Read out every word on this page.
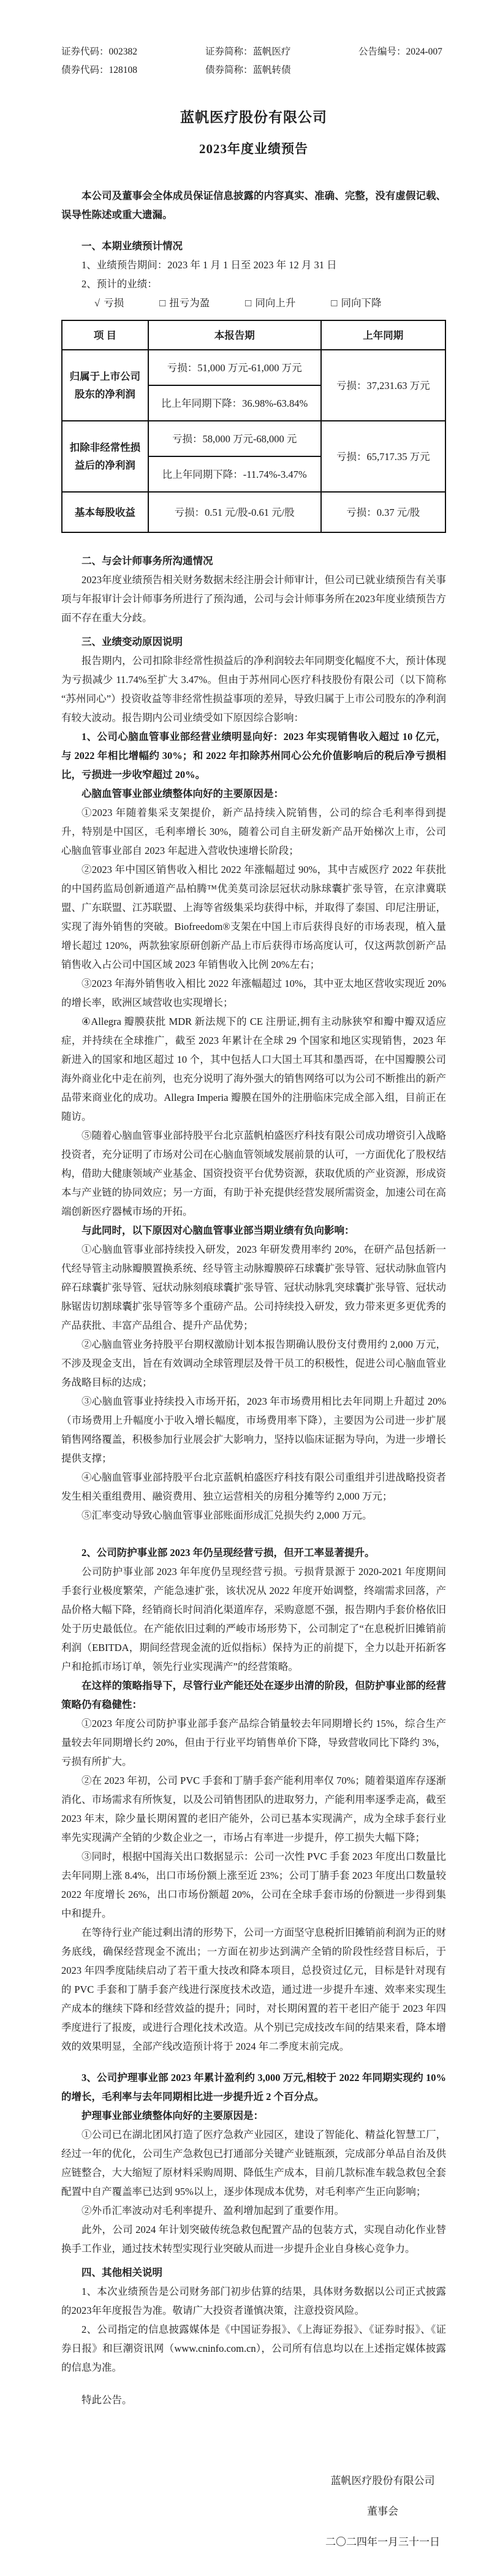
证券代码：002382	证券简称：蓝帆医疗	公告编号：2024-007
债券代码：128108	债券简称：蓝帆转债
蓝帆医疗股份有限公司
2023年度业绩预告

本公司及董事会全体成员保证信息披露的内容真实、准确、完整，没有虚假记载、误导性陈述或重大遗漏。

一、本期业绩预计情况

1、业绩预告期间：2023 年 1 月 1 日至 2023 年 12 月 31 日

2、预计的业绩：

√ 亏损	□ 扭亏为盈	□ 同向上升	□ 同向下降
项 目	本报告期	上年同期
归属于上市公司股东的净利润	亏损：51,000 万元-61,000 万元	亏损：37,231.63 万元
	比上年同期下降：36.98%-63.84%	
扣除非经常性损益后的净利润	亏损：58,000 万元-68,000 元	亏损：65,717.35 万元
	比上年同期下降：-11.74%-3.47%	
基本每股收益	亏损：0.51 元/股-0.61 元/股	亏损：0.37 元/股

二、与会计师事务所沟通情况

2023年度业绩预告相关财务数据未经注册会计师审计，但公司已就业绩预告有关事项与年报审计会计师事务所进行了预沟通，公司与会计师事务所在2023年度业绩预告方面不存在重大分歧。

三、业绩变动原因说明

报告期内，公司扣除非经常性损益后的净利润较去年同期变化幅度不大，预计体现为亏损减少 11.74%至扩大 3.47%。但由于苏州同心医疗科技股份有限公司（以下简称“苏州同心”）投资收益等非经常性损益事项的差异，导致归属于上市公司股东的净利润有较大波动。报告期内公司业绩受如下原因综合影响：

1、公司心脑血管事业部经营业绩明显向好：2023 年实现销售收入超过 10 亿元，与 2022 年相比增幅约 30%；和 2022 年扣除苏州同心公允价值影响后的税后净亏损相比，亏损进一步收窄超过 20%。

心脑血管事业部业绩整体向好的主要原因是：

①2023 年随着集采支架提价，新产品持续入院销售，公司的综合毛利率得到提升，特别是中国区，毛利率增长 30%，随着公司自主研发新产品开始梯次上市，公司心脑血管事业部自 2023 年起进入营收快速增长阶段；

②2023 年中国区销售收入相比 2022 年涨幅超过 90%，其中吉威医疗 2022 年获批的中国药监局创新通道产品柏腾™优美莫司涂层冠状动脉球囊扩张导管，在京津冀联盟、广东联盟、江苏联盟、上海等省级集采均获得中标，并取得了泰国、印尼注册证，实现了海外销售的突破。Biofreedom®支架在中国上市后获得良好的市场表现，植入量增长超过 120%，两款独家原研创新产品上市后获得市场高度认可，仅这两款创新产品销售收入占公司中国区域 2023 年销售收入比例 20%左右；

③2023 年海外销售收入相比 2022 年涨幅超过 10%，其中亚太地区营收实现近 20%的增长率，欧洲区域营收也实现增长；

④Allegra 瓣膜获批 MDR 新法规下的 CE 注册证,拥有主动脉狭窄和瓣中瓣双适应症，并持续在全球推广，截至 2023 年累计在全球 29 个国家和地区实现销售，2023 年新进入的国家和地区超过 10 个，其中包括人口大国土耳其和墨西哥，在中国瓣膜公司海外商业化中走在前列，也充分说明了海外强大的销售网络可以为公司不断推出的新产品带来商业化的成功。Allegra Imperia 瓣膜在国外的注册临床完成全部入组，目前正在随访。

⑤随着心脑血管事业部持股平台北京蓝帆柏盛医疗科技有限公司成功增资引入战略投资者，充分证明了市场对公司在心脑血管领域发展前景的认可，一方面优化了股权结构，借助大健康领域产业基金、国资投资平台优势资源，获取优质的产业资源，形成资本与产业链的协同效应；另一方面，有助于补充提供经营发展所需资金，加速公司在高端创新医疗器械市场的开拓。

与此同时，以下原因对心脑血管事业部当期业绩有负向影响：

①心脑血管事业部持续投入研发，2023 年研发费用率约 20%，在研产品包括新一代经导管主动脉瓣膜置换系统、经导管主动脉瓣膜碎石球囊扩张导管、冠状动脉血管内碎石球囊扩张导管、冠状动脉刻痕球囊扩张导管、冠状动脉乳突球囊扩张导管、冠状动脉锯齿切割球囊扩张导管等多个重磅产品。公司持续投入研发，致力带来更多更优秀的产品获批、丰富产品组合、提升产品优势；

②心脑血管业务持股平台期权激励计划本报告期确认股份支付费用约 2,000 万元，不涉及现金支出，旨在有效调动全球管理层及骨干员工的积极性，促进公司心脑血管业务战略目标的达成；

③心脑血管事业持续投入市场开拓，2023 年市场费用相比去年同期上升超过 20%（市场费用上升幅度小于收入增长幅度，市场费用率下降），主要因为公司进一步扩展销售网络覆盖，积极参加行业展会扩大影响力，坚持以临床证据为导向，为进一步增长提供支撑；

④心脑血管事业部持股平台北京蓝帆柏盛医疗科技有限公司重组并引进战略投资者发生相关重组费用、融资费用、独立运营相关的房租分摊等约 2,000 万元；

⑤汇率变动导致心脑血管事业部账面形成汇兑损失约 2,000 万元。

2、公司防护事业部 2023 年仍呈现经营亏损，但开工率显著提升。

公司防护事业部 2023 年年度仍呈现经营亏损。亏损背景源于 2020-2021 年度期间手套行业极度繁荣，产能急速扩张，该状况从 2022 年度开始调整，终端需求回落，产品价格大幅下降，经销商长时间消化渠道库存，采购意愿不强，报告期内手套价格依旧处于历史最低位。在产能依旧过剩的严峻市场形势下，公司制定了“在息税折旧摊销前利润（EBITDA，期间经营现金流的近似指标）保持为正的前提下，全力以赴开拓新客户和抢抓市场订单，领先行业实现满产”的经营策略。

在这样的策略指导下，尽管行业产能还处在逐步出清的阶段，但防护事业部的经营策略仍有稳健性：

①2023 年度公司防护事业部手套产品综合销量较去年同期增长约 15%，综合生产量较去年同期增长约 20%，但由于行业平均销售单价下降，导致营收同比下降约 3%，亏损有所扩大。

②在 2023 年初，公司 PVC 手套和丁腈手套产能利用率仅 70%；随着渠道库存逐渐消化、市场需求有所恢复，以及公司销售团队的进取努力，产能利用率逐季走高，截至 2023 年末，除少量长期闲置的老旧产能外，公司已基本实现满产，成为全球手套行业率先实现满产全销的少数企业之一，市场占有率进一步提升，停工损失大幅下降；

③同时，根据中国海关出口数据显示：公司一次性 PVC 手套 2023 年度出口数量比去年同期上涨 8.4%，出口市场份额上涨至近 23%；公司丁腈手套 2023 年度出口数量较 2022 年度增长 26%，出口市场份额超 20%，公司在全球手套市场的份额进一步得到集中和提升。

在等待行业产能过剩出清的形势下，公司一方面坚守息税折旧摊销前利润为正的财务底线，确保经营现金不流出；一方面在初步达到满产全销的阶段性经营目标后，于 2023 年四季度陆续启动了若干重大技改和降本项目，总投资过亿元，目标是针对现有的 PVC 手套和丁腈手套产线进行深度技术改造，通过进一步提升车速、效率来实现生产成本的继续下降和经营效益的提升；同时，对长期闲置的若干老旧产能于 2023 年四季度进行了报废，或进行合理化技术改造。从个别已完成技改车间的结果来看，降本增效的效果明显，全部产线改造预计将于 2024 年二季度末前完成。

3、公司护理事业部 2023 年累计盈利约 3,000 万元,相较于 2022 年同期实现约 10%的增长，毛利率与去年同期相比进一步提升近 2 个百分点。

护理事业部业绩整体向好的主要原因是：

①公司已在湖北团风打造了医疗急救产业园区，建设了智能化、精益化智慧工厂，经过一年的优化，公司生产急救包已打通部分关键产业链瓶颈，完成部分单品自治及供应链整合，大大缩短了原材料采购周期、降低生产成本，目前几款标准车载急救包全套配置中自产覆盖率已达到 95%以上，逐步体现成本优势，对毛利率产生正向影响；

②外币汇率波动对毛利率提升、盈利增加起到了重要作用。

此外，公司 2024 年计划突破传统急救包配置产品的包装方式，实现自动化作业替换手工作业，通过技术转型实现行业突破从而进一步提升企业自身核心竞争力。

四、其他相关说明

1、本次业绩预告是公司财务部门初步估算的结果，具体财务数据以公司正式披露的2023年年度报告为准。敬请广大投资者谨慎决策，注意投资风险。

2、公司指定的信息披露媒体是《中国证券报》、《上海证券报》、《证券时报》、《证券日报》和巨潮资讯网（www.cninfo.com.cn），公司所有信息均以在上述指定媒体披露的信息为准。

特此公告。

蓝帆医疗股份有限公司

董事会

二〇二四年一月三十一日
